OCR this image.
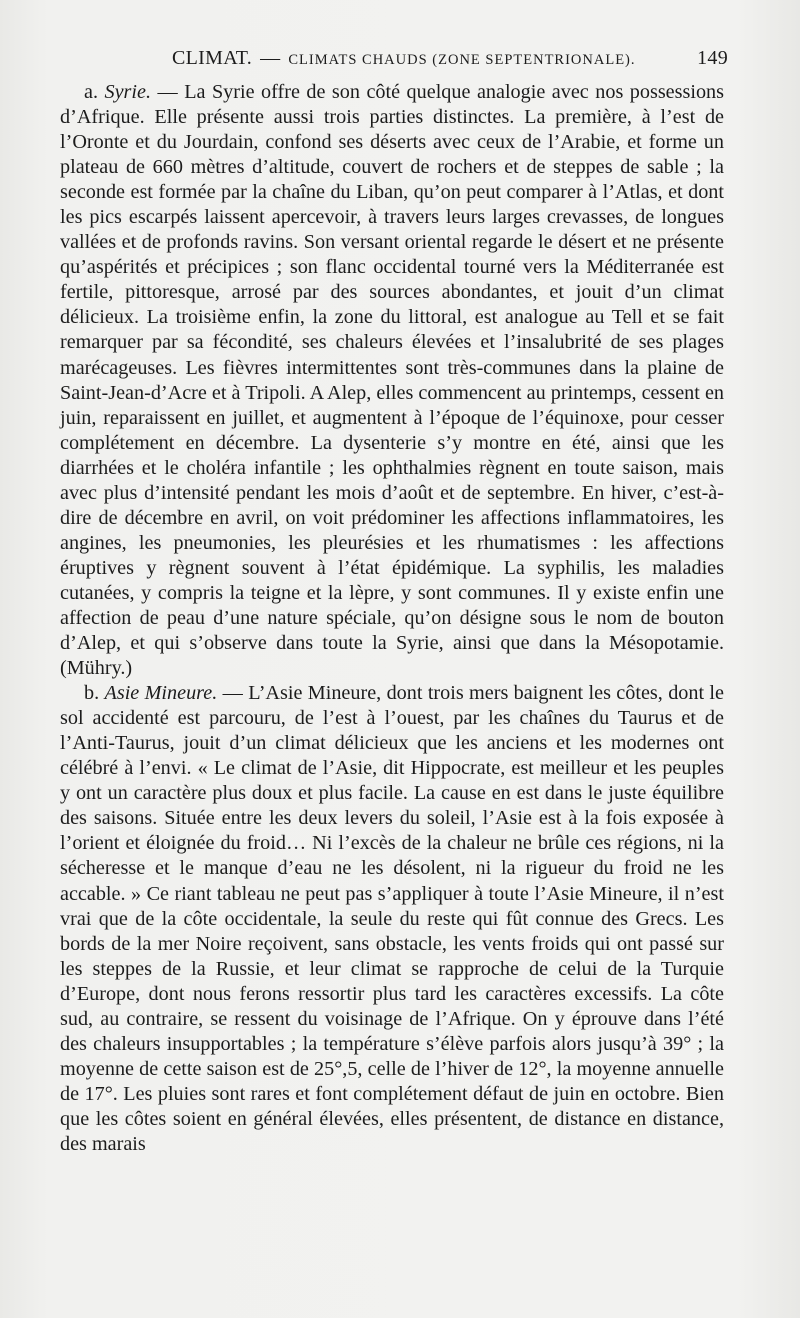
CLIMAT. — CLIMATS CHAUDS (ZONE SEPTENTRIONALE).	149

a. Syrie. — La Syrie offre de son côté quelque analogie avec nos possessions d’Afrique. Elle présente aussi trois parties distinctes. La première, à l’est de l’Oronte et du Jourdain, confond ses déserts avec ceux de l’Arabie, et forme un plateau de 660 mètres d’altitude, couvert de rochers et de steppes de sable ; la seconde est formée par la chaîne du Liban, qu’on peut comparer à l’Atlas, et dont les pics escarpés laissent apercevoir, à travers leurs larges crevasses, de longues vallées et de profonds ravins. Son versant oriental regarde le désert et ne présente qu’aspérités et précipices ; son flanc occidental tourné vers la Méditerranée est fertile, pittoresque, arrosé par des sources abondantes, et jouit d’un climat délicieux. La troisième enfin, la zone du littoral, est analogue au Tell et se fait remarquer par sa fécondité, ses chaleurs élevées et l’insalubrité de ses plages marécageuses. Les fièvres intermittentes sont très-communes dans la plaine de Saint-Jean-d’Acre et à Tripoli. A Alep, elles commencent au printemps, cessent en juin, reparaissent en juillet, et augmentent à l’époque de l’équinoxe, pour cesser complétement en décembre. La dysenterie s’y montre en été, ainsi que les diarrhées et le choléra infantile ; les ophthalmies règnent en toute saison, mais avec plus d’intensité pendant les mois d’août et de septembre. En hiver, c’est-à-dire de décembre en avril, on voit prédominer les affections inflammatoires, les angines, les pneumonies, les pleurésies et les rhumatismes : les affections éruptives y règnent souvent à l’état épidémique. La syphilis, les maladies cutanées, y compris la teigne et la lèpre, y sont communes. Il y existe enfin une affection de peau d’une nature spéciale, qu’on désigne sous le nom de bouton d’Alep, et qui s’observe dans toute la Syrie, ainsi que dans la Mésopotamie. (Mühry.)

b. Asie Mineure. — L’Asie Mineure, dont trois mers baignent les côtes, dont le sol accidenté est parcouru, de l’est à l’ouest, par les chaînes du Taurus et de l’Anti-Taurus, jouit d’un climat délicieux que les anciens et les modernes ont célébré à l’envi. « Le climat de l’Asie, dit Hippocrate, est meilleur et les peuples y ont un caractère plus doux et plus facile. La cause en est dans le juste équilibre des saisons. Située entre les deux levers du soleil, l’Asie est à la fois exposée à l’orient et éloignée du froid… Ni l’excès de la chaleur ne brûle ces régions, ni la sécheresse et le manque d’eau ne les désolent, ni la rigueur du froid ne les accable. » Ce riant tableau ne peut pas s’appliquer à toute l’Asie Mineure, il n’est vrai que de la côte occidentale, la seule du reste qui fût connue des Grecs. Les bords de la mer Noire reçoivent, sans obstacle, les vents froids qui ont passé sur les steppes de la Russie, et leur climat se rapproche de celui de la Turquie d’Europe, dont nous ferons ressortir plus tard les caractères excessifs. La côte sud, au contraire, se ressent du voisinage de l’Afrique. On y éprouve dans l’été des chaleurs insupportables ; la température s’élève parfois alors jusqu’à 39° ; la moyenne de cette saison est de 25°,5, celle de l’hiver de 12°, la moyenne annuelle de 17°. Les pluies sont rares et font complétement défaut de juin en octobre. Bien que les côtes soient en général élevées, elles présentent, de distance en distance, des marais
